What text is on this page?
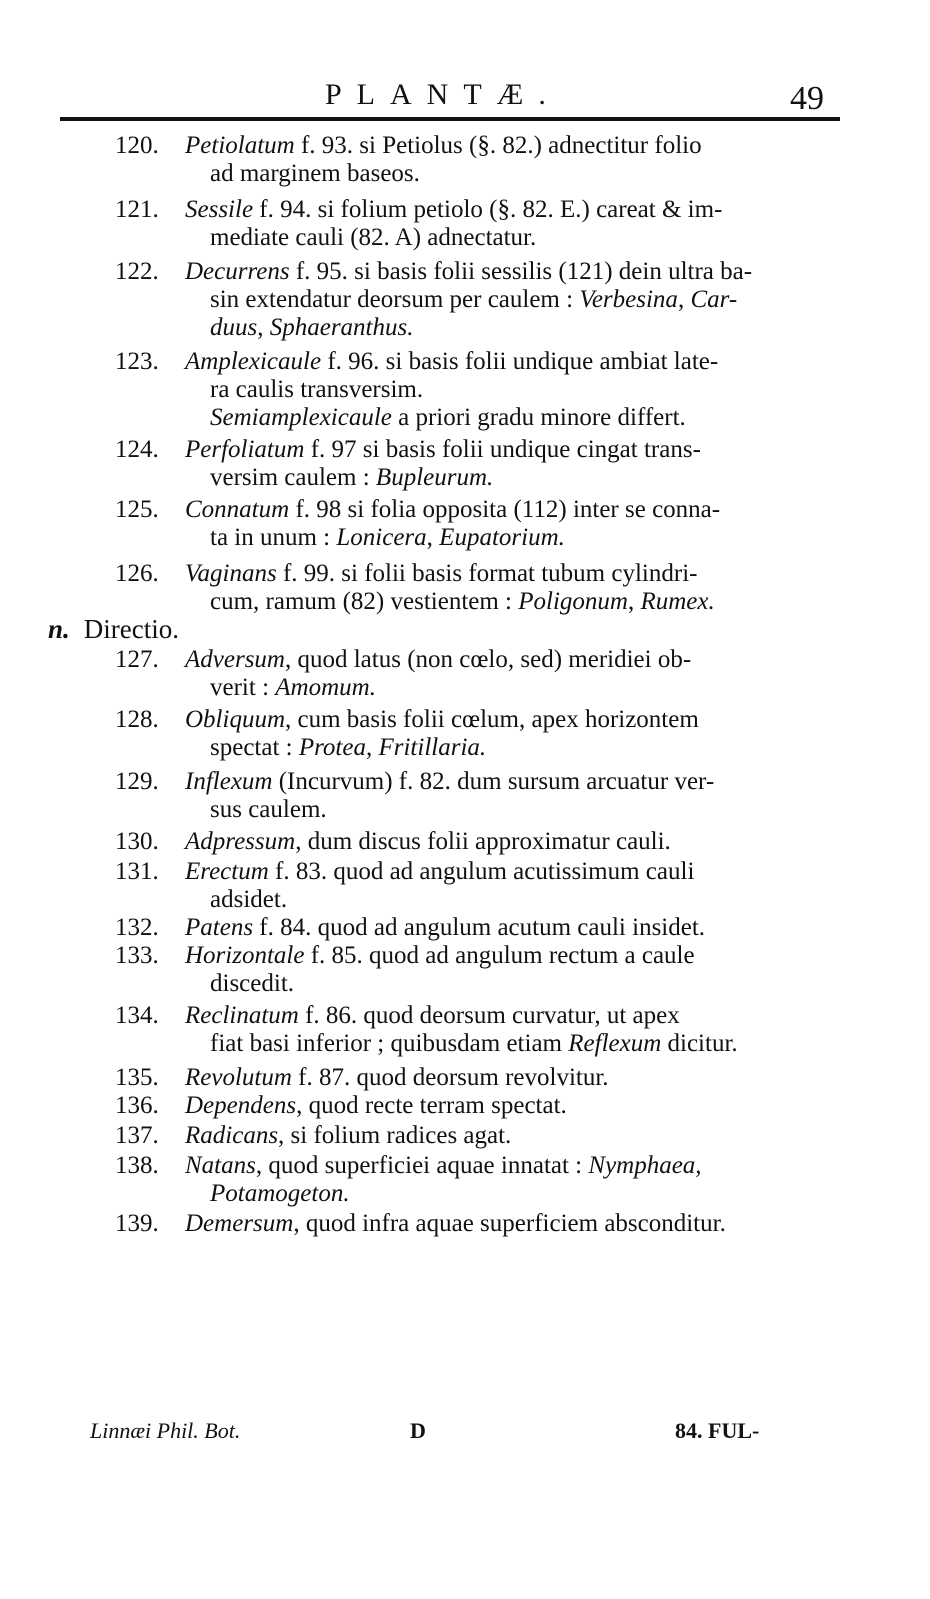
PLANTÆ.	49
120. Petiolatum f. 93. si Petiolus (§. 82.) adnectitur folio
ad marginem baseos.
121. Sessile f. 94. si folium petiolo (§. 82. E.) careat & im-
mediate cauli (82. A) adnectatur.
122. Decurrens f. 95. si basis folii sessilis (121) dein ultra ba-
sin extendatur deorsum per caulem : Verbesina, Car-
duus, Sphaeranthus.
123. Amplexicaule f. 96. si basis folii undique ambiat late-
ra caulis transversim.
Semiamplexicaule a priori gradu minore differt.
124. Perfoliatum f. 97 si basis folii undique cingat trans-
versim caulem : Bupleurum.
125. Connatum f. 98 si folia opposita (112) inter se conna-
ta in unum : Lonicera, Eupatorium.
126. Vaginans f. 99. si folii basis format tubum cylindri-
cum, ramum (82) vestientem : Poligonum, Rumex.
127. Adversum, quod latus (non cœlo, sed) meridiei ob-
verit : Amomum.
128. Obliquum, cum basis folii cœlum, apex horizontem
spectat : Protea, Fritillaria.
129. Inflexum (Incurvum) f. 82. dum sursum arcuatur ver-
sus caulem.
130. Adpressum, dum discus folii approximatur cauli.
131. Erectum f. 83. quod ad angulum acutissimum cauli
adsidet.
132. Patens f. 84. quod ad angulum acutum cauli insidet.
133. Horizontale f. 85. quod ad angulum rectum a caule
discedit.
134. Reclinatum f. 86. quod deorsum curvatur, ut apex
fiat basi inferior ; quibusdam etiam Reflexum dicitur.
135. Revolutum f. 87. quod deorsum revolvitur.
136. Dependens, quod recte terram spectat.
137. Radicans, si folium radices agat.
138. Natans, quod superficiei aquae innatat : Nymphaea,
Potamogeton.
139. Demersum, quod infra aquae superficiem absconditur.
n. Directio.
Linnæi Phil. Bot.	D	84. FUL-
